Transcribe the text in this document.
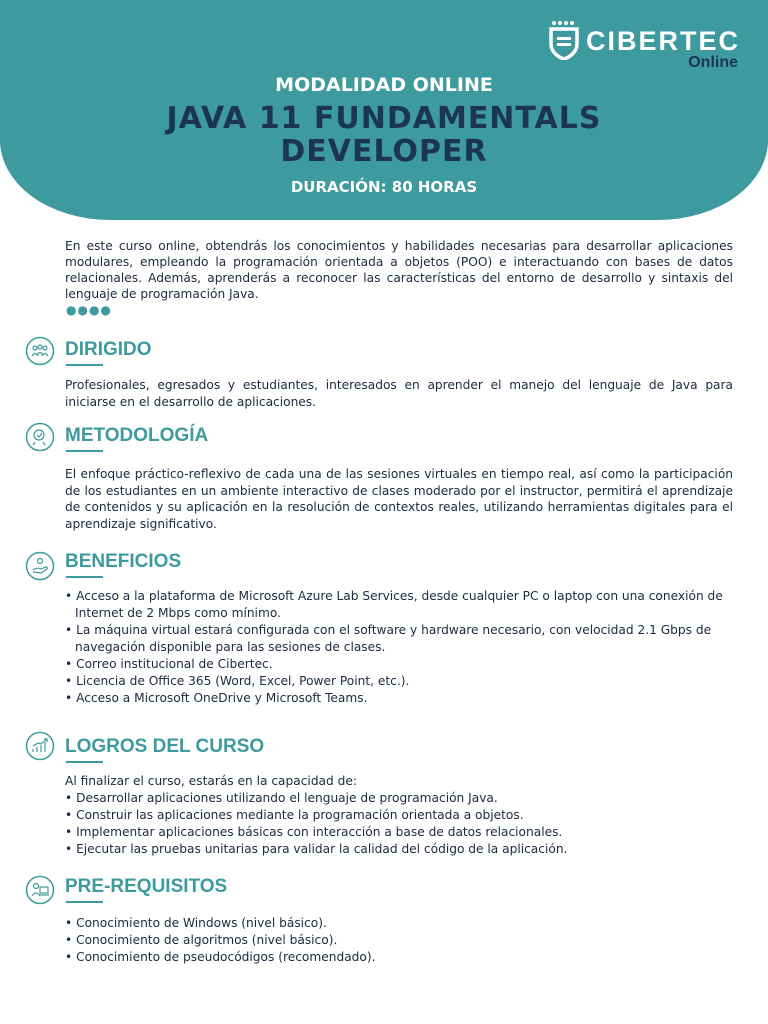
CIBERTEC
Online
MODALIDAD ONLINE
JAVA 11 FUNDAMENTALS
DEVELOPER
DURACIÓN: 80 HORAS
En este curso online, obtendrás los conocimientos y habilidades necesarias para desarrollar aplicaciones modulares, empleando la programación orientada a objetos (POO) e interactuando con bases de datos relacionales. Además, aprenderás a reconocer las características del entorno de desarrollo y sintaxis del lenguaje de programación Java.
●●●●
DIRIGIDO
Profesionales, egresados y estudiantes, interesados en aprender el manejo del lenguaje de Java para iniciarse en el desarrollo de aplicaciones.
METODOLOGÍA
El enfoque práctico-reflexivo de cada una de las sesiones virtuales en tiempo real, así como la participación de los estudiantes en un ambiente interactivo de clases moderado por el instructor, permitirá el aprendizaje de contenidos y su aplicación en la resolución de contextos reales, utilizando herramientas digitales para el aprendizaje significativo.
BENEFICIOS
• Acceso a la plataforma de Microsoft Azure Lab Services, desde cualquier PC o laptop con una conexión de Internet de 2 Mbps como mínimo.
• La máquina virtual estará configurada con el software y hardware necesario, con velocidad 2.1 Gbps de navegación disponible para las sesiones de clases.
• Correo institucional de Cibertec.
• Licencia de Office 365 (Word, Excel, Power Point, etc.).
• Acceso a Microsoft OneDrive y Microsoft Teams.
LOGROS DEL CURSO
Al finalizar el curso, estarás en la capacidad de:
• Desarrollar aplicaciones utilizando el lenguaje de programación Java.
• Construir las aplicaciones mediante la programación orientada a objetos.
• Implementar aplicaciones básicas con interacción a base de datos relacionales.
• Ejecutar las pruebas unitarias para validar la calidad del código de la aplicación.
PRE-REQUISITOS
• Conocimiento de Windows (nivel básico).
• Conocimiento de algoritmos (nivel básico).
• Conocimiento de pseudocódigos (recomendado).
